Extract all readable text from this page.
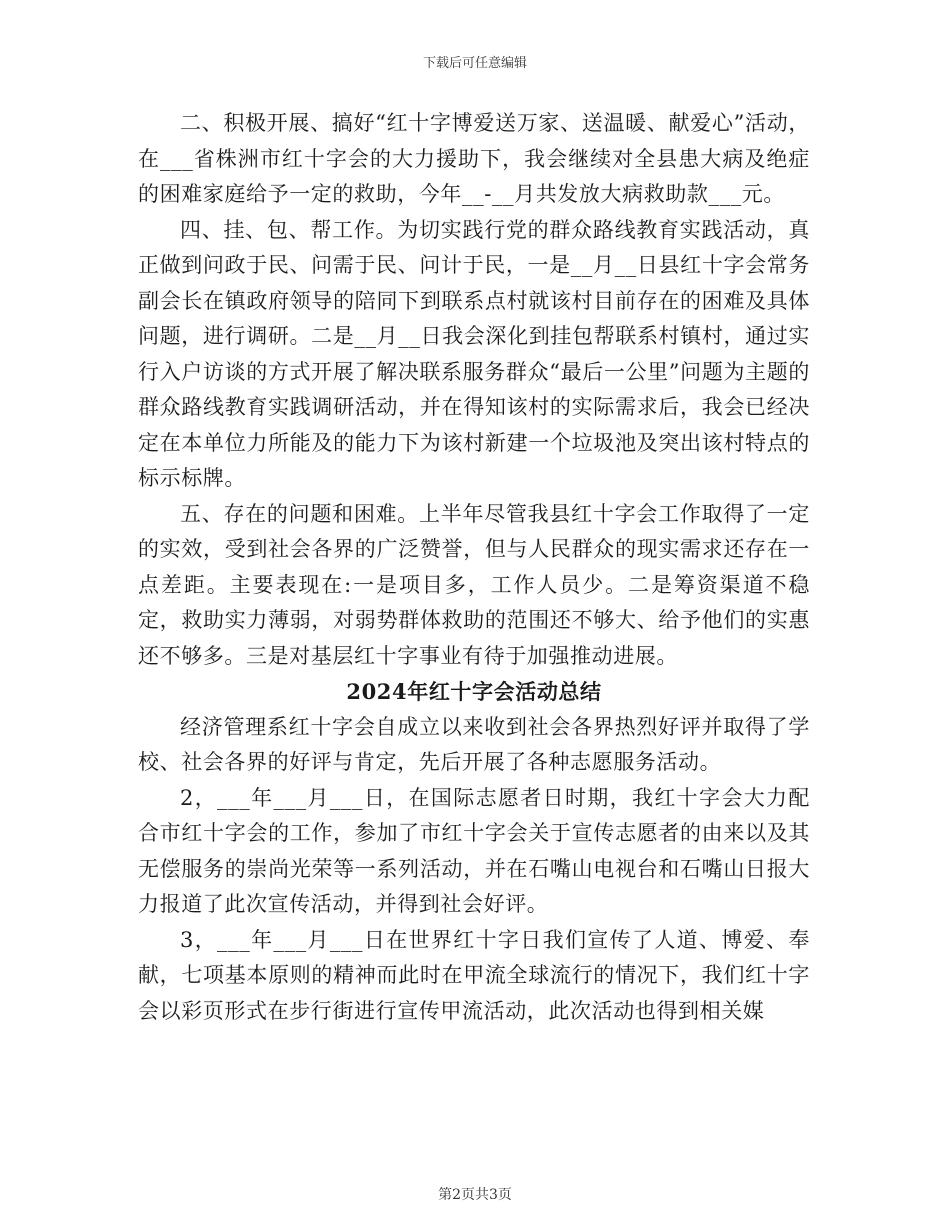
下载后可任意编辑

二、积极开展、搞好“红十字博爱送万家、送温暖、献爱心”活动，在___省株洲市红十字会的大力援助下，我会继续对全县患大病及绝症的困难家庭给予一定的救助，今年__-__月共发放大病救助款___元。

四、挂、包、帮工作。为切实践行党的群众路线教育实践活动，真正做到问政于民、问需于民、问计于民，一是__月__日县红十字会常务副会长在镇政府领导的陪同下到联系点村就该村目前存在的困难及具体问题，进行调研。二是__月__日我会深化到挂包帮联系村镇村，通过实行入户访谈的方式开展了解决联系服务群众“最后一公里”问题为主题的群众路线教育实践调研活动，并在得知该村的实际需求后，我会已经决定在本单位力所能及的能力下为该村新建一个垃圾池及突出该村特点的标示标牌。

五、存在的问题和困难。上半年尽管我县红十字会工作取得了一定的实效，受到社会各界的广泛赞誉，但与人民群众的现实需求还存在一点差距。主要表现在:一是项目多，工作人员少。二是筹资渠道不稳定，救助实力薄弱，对弱势群体救助的范围还不够大、给予他们的实惠还不够多。三是对基层红十字事业有待于加强推动进展。

2024年红十字会活动总结

经济管理系红十字会自成立以来收到社会各界热烈好评并取得了学校、社会各界的好评与肯定，先后开展了各种志愿服务活动。

2，___年___月___日，在国际志愿者日时期，我红十字会大力配合市红十字会的工作，参加了市红十字会关于宣传志愿者的由来以及其无偿服务的崇尚光荣等一系列活动，并在石嘴山电视台和石嘴山日报大力报道了此次宣传活动，并得到社会好评。

3，___年___月___日在世界红十字日我们宣传了人道、博爱、奉献，七项基本原则的精神而此时在甲流全球流行的情况下，我们红十字会以彩页形式在步行街进行宣传甲流活动，此次活动也得到相关媒

第2页共3页
